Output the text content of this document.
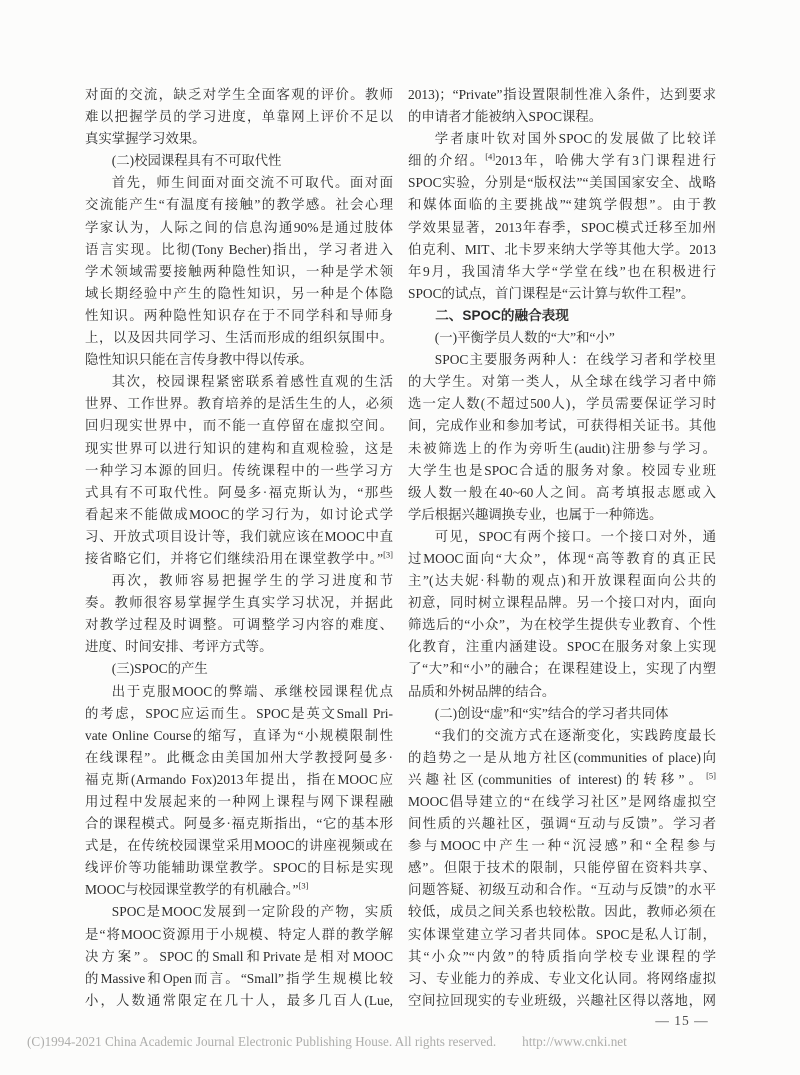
对面的交流，缺乏对学生全面客观的评价。教师
难以把握学员的学习进度，单靠网上评价不足以
真实掌握学习效果。
(二)校园课程具有不可取代性
首先，师生间面对面交流不可取代。面对面
交流能产生“有温度有接触”的教学感。社会心理
学家认为，人际之间的信息沟通90%是通过肢体
语言实现。比彻(Tony Becher)指出，学习者进入
学术领域需要接触两种隐性知识，一种是学术领
域长期经验中产生的隐性知识，另一种是个体隐
性知识。两种隐性知识存在于不同学科和导师身
上，以及因共同学习、生活而形成的组织氛围中。
隐性知识只能在言传身教中得以传承。
其次，校园课程紧密联系着感性直观的生活
世界、工作世界。教育培养的是活生生的人，必须
回归现实世界中，而不能一直停留在虚拟空间。
现实世界可以进行知识的建构和直观检验，这是
一种学习本源的回归。传统课程中的一些学习方
式具有不可取代性。阿曼多·福克斯认为，“那些
看起来不能做成MOOC的学习行为，如讨论式学
习、开放式项目设计等，我们就应该在MOOC中直
接省略它们，并将它们继续沿用在课堂教学中。”[3]
再次，教师容易把握学生的学习进度和节
奏。教师很容易掌握学生真实学习状况，并据此
对教学过程及时调整。可调整学习内容的难度、
进度、时间安排、考评方式等。
(三)SPOC的产生
出于克服MOOC的弊端、承继校园课程优点
的考虑，SPOC应运而生。SPOC是英文Small Pri-
vate Online Course的缩写，直译为“小规模限制性
在线课程”。此概念由美国加州大学教授阿曼多·
福克斯(Armando Fox)2013年提出，指在MOOC应
用过程中发展起来的一种网上课程与网下课程融
合的课程模式。阿曼多·福克斯指出，“它的基本形
式是，在传统校园课堂采用MOOC的讲座视频或在
线评价等功能辅助课堂教学。SPOC的目标是实现
MOOC与校园课堂教学的有机融合。”[3]
SPOC是MOOC发展到一定阶段的产物，实质
是“将MOOC资源用于小规模、特定人群的教学解
决方案”。SPOC的Small和Private是相对MOOC
的Massive和Open而言。“Small”指学生规模比较
小，人数通常限定在几十人，最多几百人(Lue,
2013)；“Private”指设置限制性准入条件，达到要求
的申请者才能被纳入SPOC课程。
学者康叶钦对国外SPOC的发展做了比较详
细的介绍。[4]2013年，哈佛大学有3门课程进行
SPOC实验，分别是“版权法”“美国国家安全、战略
和媒体面临的主要挑战”“建筑学假想”。由于教
学效果显著，2013年春季，SPOC模式迁移至加州
伯克利、MIT、北卡罗来纳大学等其他大学。2013
年9月，我国清华大学“学堂在线”也在积极进行
SPOC的试点，首门课程是“云计算与软件工程”。
二、SPOC的融合表现
(一)平衡学员人数的“大”和“小”
SPOC主要服务两种人：在线学习者和学校里
的大学生。对第一类人，从全球在线学习者中筛
选一定人数(不超过500人)，学员需要保证学习时
间，完成作业和参加考试，可获得相关证书。其他
未被筛选上的作为旁听生(audit)注册参与学习。
大学生也是SPOC合适的服务对象。校园专业班
级人数一般在40~60人之间。高考填报志愿或入
学后根据兴趣调换专业，也属于一种筛选。
可见，SPOC有两个接口。一个接口对外，通
过MOOC面向“大众”，体现“高等教育的真正民
主”(达夫妮·科勒的观点)和开放课程面向公共的
初意，同时树立课程品牌。另一个接口对内，面向
筛选后的“小众”，为在校学生提供专业教育、个性
化教育，注重内涵建设。SPOC在服务对象上实现
了“大”和“小”的融合；在课程建设上，实现了内塑
品质和外树品牌的结合。
(二)创设“虚”和“实”结合的学习者共同体
“我们的交流方式在逐渐变化，实践跨度最长
的趋势之一是从地方社区(communities of place)向
兴趣社区(communities of interest)的转移”。[5]
MOOC倡导建立的“在线学习社区”是网络虚拟空
间性质的兴趣社区，强调“互动与反馈”。学习者
参与MOOC中产生一种“沉浸感”和“全程参与
感”。但限于技术的限制，只能停留在资料共享、
问题答疑、初级互动和合作。“互动与反馈”的水平
较低，成员之间关系也较松散。因此，教师必须在
实体课堂建立学习者共同体。SPOC是私人订制，
其“小众”“内敛”的特质指向学校专业课程的学
习、专业能力的养成、专业文化认同。将网络虚拟
空间拉回现实的专业班级，兴趣社区得以落地，网
— 15 —
(C)1994-2021 China Academic Journal Electronic Publishing House. All rights reserved. http://www.cnki.net
